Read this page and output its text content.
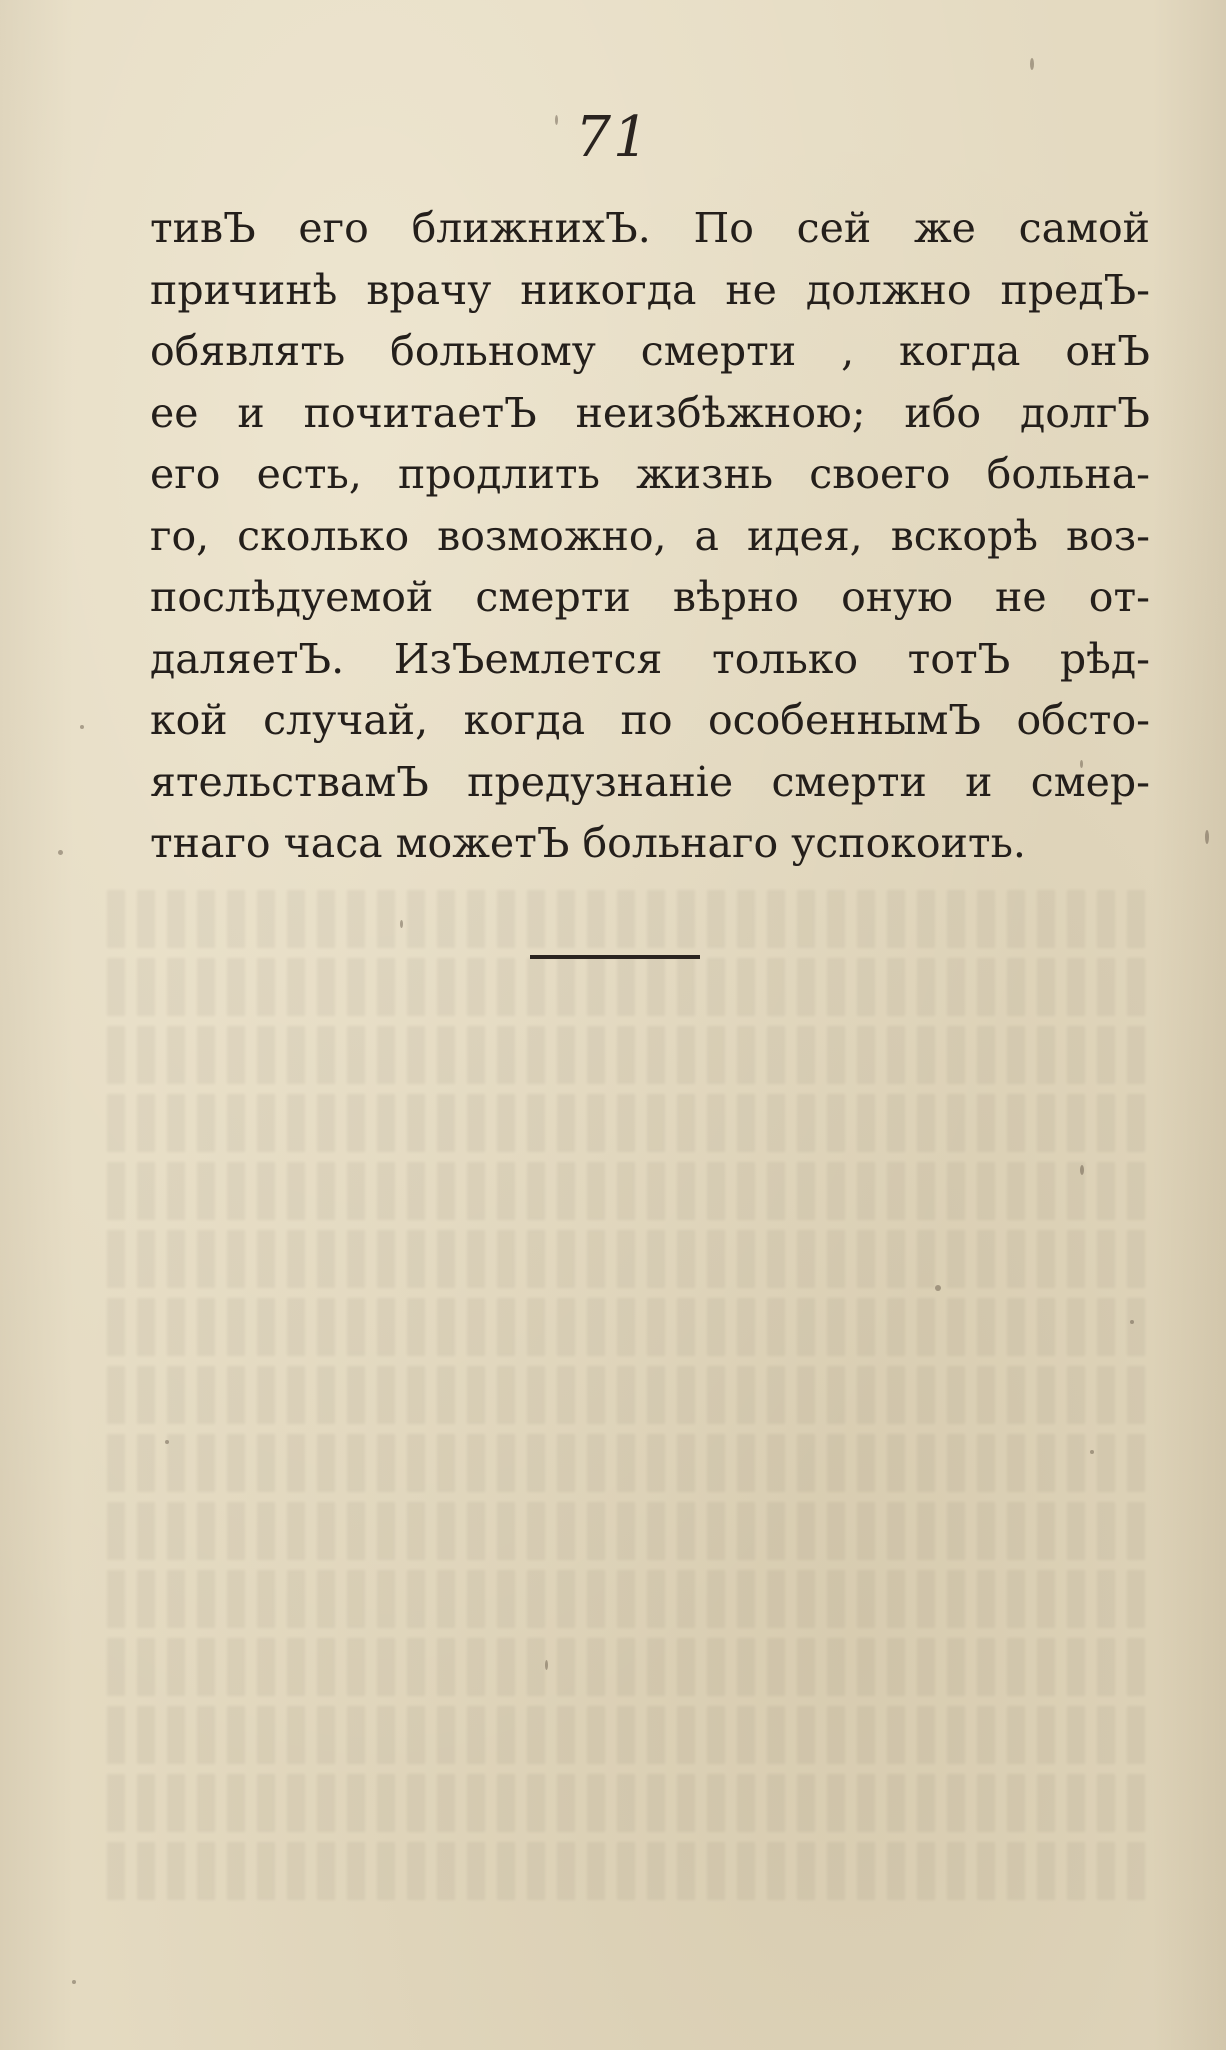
71
тивЪ его ближнихЪ. По сей же самой
причинѣ врачу никогда не должно предЪ-
обявлять больному смерти , когда онЪ
ее и почитаетЪ неизбѣжною; ибо долгЪ
его есть, продлить жизнь своего больна-
го, сколько возможно, а идея, вскорѣ воз-
послѣдуемой смерти вѣрно оную не от-
даляетЪ. ИзЪемлется только тотЪ рѣд-
кой случай, когда по особеннымЪ обсто-
ятельствамЪ предузнаніе смерти и смер-
тнаго часа можетЪ больнаго успокоить.
